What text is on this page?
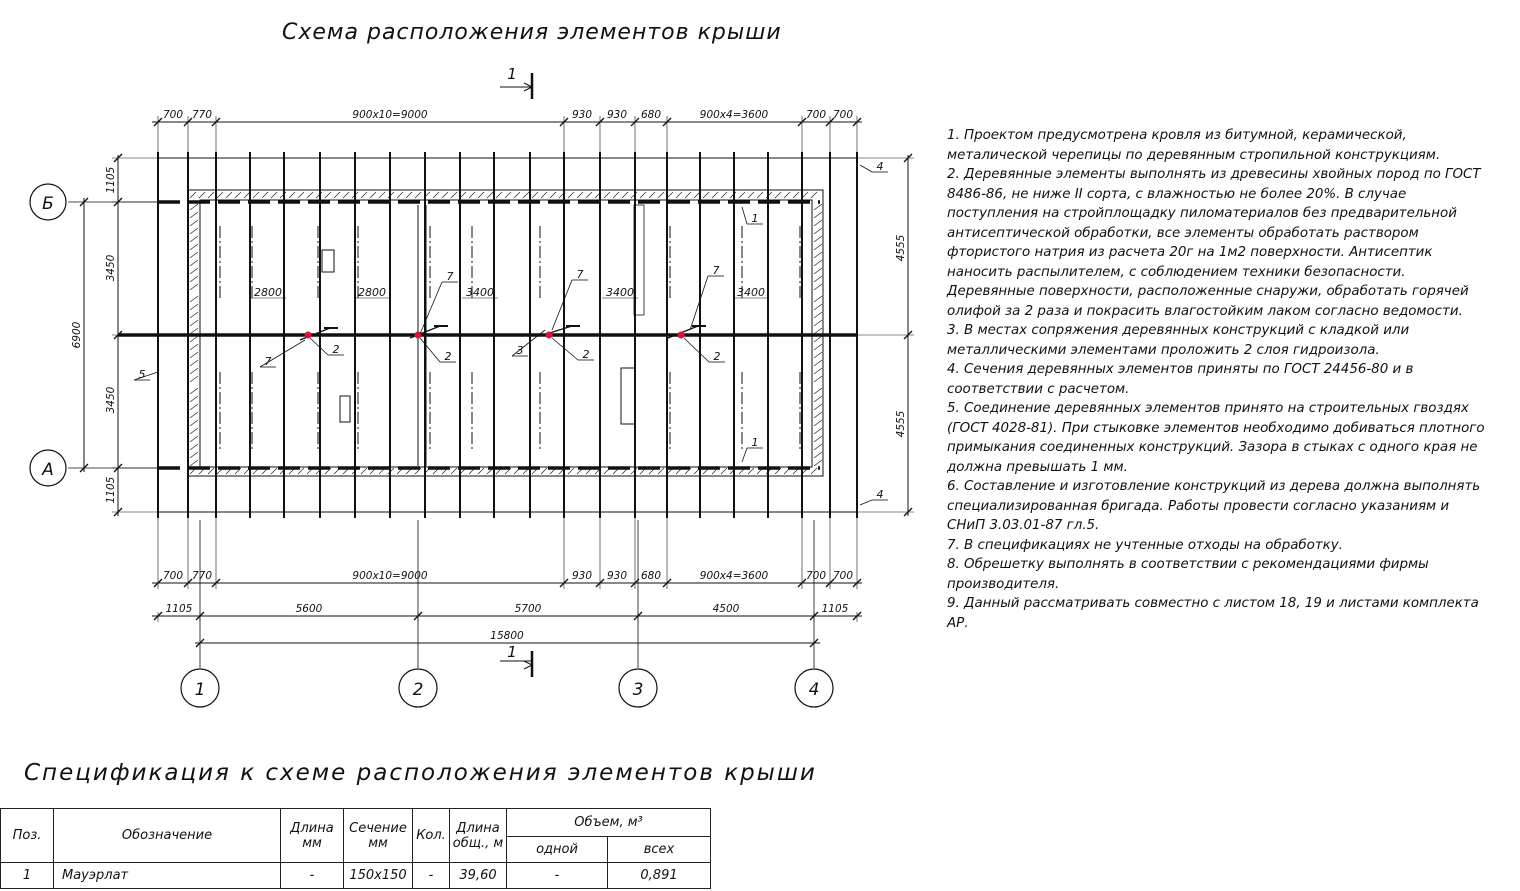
Схема расположения элементов крыши
700 770	900x10=9000	930 930 680	900x4=3600	700 700
700 770	900x10=9000	930 930 680	900x4=3600	700 700
1105	5600	5700	4500	1105
15800
1	2	3	4
Б
А
1105
3450
3450
1105
6900
4555
4555
2800	2800	3400	3400	3400
1
1
2
2	2	2
3
4
4
5
7
7	7	7
1
1
1. Проектом предусмотрена кровля из битумной, керамической, металической черепицы по деревянным стропильной конструкциям.
2. Деревянные элементы выполнять из древесины хвойных пород по ГОСТ 8486-86, не ниже II сорта, с влажностью не более 20%. В случае поступления на стройплощадку пиломатериалов без предварительной антисептической обработки, все элементы обработать раствором фтористого натрия из расчета 20г на 1м2 поверхности. Антисептик наносить распылителем, с соблюдением техники безопасности. Деревянные поверхности, расположенные снаружи, обработать горячей олифой за 2 раза и покрасить влагостойким лаком согласно ведомости.
3. В местах сопряжения деревянных конструкций с кладкой или металлическими элементами проложить 2 слоя гидроизола.
4. Сечения деревянных элементов приняты по ГОСТ 24456-80 и в соответствии с расчетом.
5. Соединение деревянных элементов принято на строительных гвоздях (ГОСТ 4028-81). При стыковке элементов необходимо добиваться плотного примыкания соединенных конструкций. Зазора в стыках с одного края не должна превышать 1 мм.
6. Составление и изготовление конструкций из дерева должна выполнять специализированная бригада. Работы провести согласно указаниям и СНиП 3.03.01-87 гл.5.
7. В спецификациях не учтенные отходы на обработку.
8. Обрешетку выполнять в соответствии с рекомендациями фирмы производителя.
9. Данный рассматривать совместно с листом 18, 19 и листами комплекта АР.
Спецификация к схеме расположения элементов крыши
Поз.	Обозначение	Длина мм	Сечение мм	Кол.	Длина общ., м	Объем, м³	
						одной	всех
1	Мауэрлат	-	150x150	-	39,60	-	0,891
